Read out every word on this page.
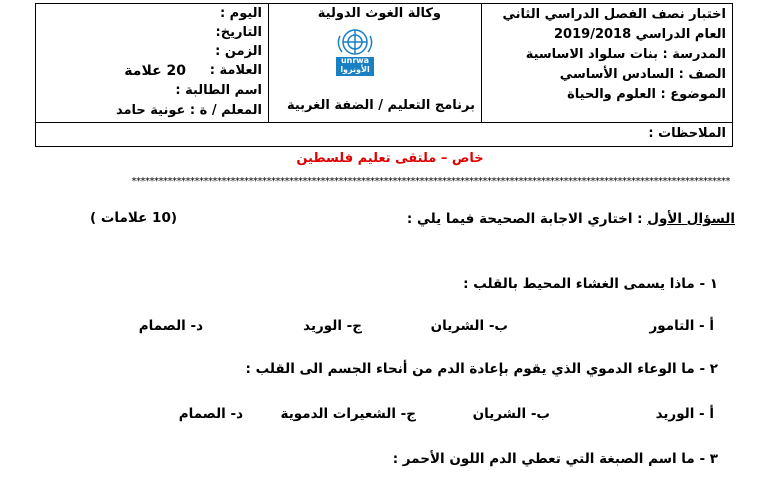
اختبار نصف الفصل الدراسي الثاني
العام الدراسي 2019/2018
المدرسة : بنات سلواد الاساسية
الصف : السادس الأساسي
الموضوع : العلوم والحياة
وكالة الغوث الدولية
unrwa
الأونروا
برنامج التعليم / الضفة الغربية
اليوم :
التاريخ:
الزمن :
العلامة :
20 علامة
اسم الطالبة :
المعلم / ة : عونية حامد
الملاحظات :
خاص – ملتقى تعليم فلسطين
*************************************************************************************************************************************
السؤال الأول : اختاري الاجابة الصحيحة فيما يلي :
(10 علامات )
١ - ماذا يسمى الغشاء المحيط بالقلب :
أ - التامور
ب- الشريان
ج- الوريد
د- الصمام
٢ - ما الوعاء الدموي الذي يقوم بإعادة الدم من أنحاء الجسم الى القلب :
أ - الوريد
ب- الشريان
ج- الشعيرات الدموية
د- الصمام
٣ - ما اسم الصبغة التي تعطي الدم اللون الأحمر :
